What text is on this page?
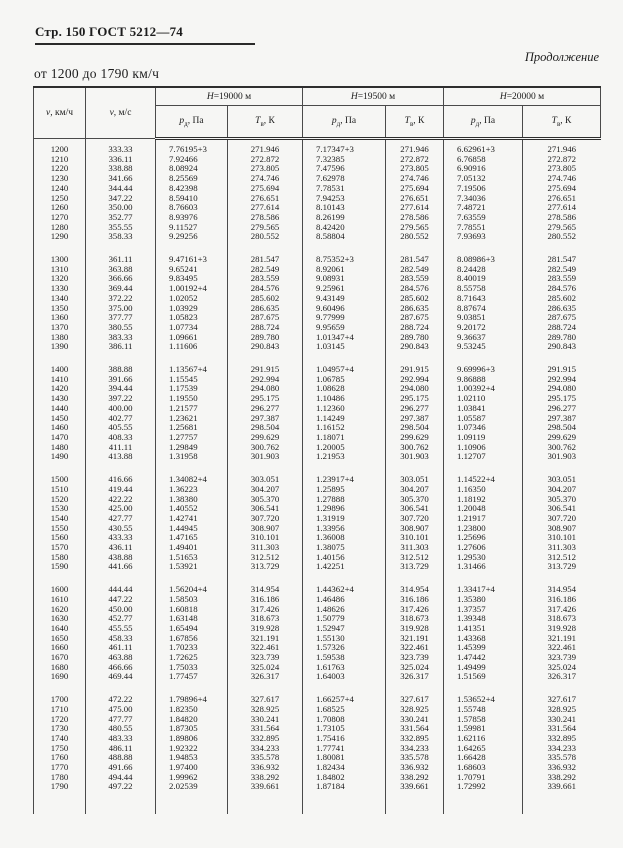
Стр. 150 ГОСТ 5212—74
Продолжение
от 1200 до 1790 км/ч
v, км/ч	v, м/с	Н=19000 м		Н=19500 м		Н=20000 м	
		$p_д$, Па	$Т_в$, К	$p_д$, Па	$Т_в$, К	$p_д$, Па	$Т_в$, К

1200	333.33	7.76195+3	271.946	7.17347+3	271.946	6.62961+3	271.946
1210	336.11	7.92466	272.872	7.32385	272.872	6.76858	272.872
1220	338.88	8.08924	273.805	7.47596	273.805	6.90916	273.805
1230	341.66	8.25569	274.746	7.62978	274.746	7.05132	274.746
1240	344.44	8.42398	275.694	7.78531	275.694	7.19506	275.694
1250	347.22	8.59410	276.651	7.94253	276.651	7.34036	276.651
1260	350.00	8.76603	277.614	8.10143	277.614	7.48721	277.614
1270	352.77	8.93976	278.586	8.26199	278.586	7.63559	278.586
1280	355.55	9.11527	279.565	8.42420	279.565	7.78551	279.565
1290	358.33	9.29256	280.552	8.58804	280.552	7.93693	280.552

1300	361.11	9.47161+3	281.547	8.75352+3	281.547	8.08986+3	281.547
1310	363.88	9.65241	282.549	8.92061	282.549	8.24428	282.549
1320	366.66	9.83495	283.559	9.08931	283.559	8.40019	283.559
1330	369.44	1.00192+4	284.576	9.25961	284.576	8.55758	284.576
1340	372.22	1.02052	285.602	9.43149	285.602	8.71643	285.602
1350	375.00	1.03929	286.635	9.60496	286.635	8.87674	286.635
1360	377.77	1.05823	287.675	9.77999	287.675	9.03851	287.675
1370	380.55	1.07734	288.724	9.95659	288.724	9.20172	288.724
1380	383.33	1.09661	289.780	1.01347+4	289.780	9.36637	289.780
1390	386.11	1.11606	290.843	1.03145	290.843	9.53245	290.843

1400	388.88	1.13567+4	291.915	1.04957+4	291.915	9.69996+3	291.915
1410	391.66	1.15545	292.994	1.06785	292.994	9.86888	292.994
1420	394.44	1.17539	294.080	1.08628	294.080	1.00392+4	294.080
1430	397.22	1.19550	295.175	1.10486	295.175	1.02110	295.175
1440	400.00	1.21577	296.277	1.12360	296.277	1.03841	296.277
1450	402.77	1.23621	297.387	1.14249	297.387	1.05587	297.387
1460	405.55	1.25681	298.504	1.16152	298.504	1.07346	298.504
1470	408.33	1.27757	299.629	1.18071	299.629	1.09119	299.629
1480	411.11	1.29849	300.762	1.20005	300.762	1.10906	300.762
1490	413.88	1.31958	301.903	1.21953	301.903	1.12707	301.903

1500	416.66	1.34082+4	303.051	1.23917+4	303.051	1.14522+4	303.051
1510	419.44	1.36223	304.207	1.25895	304.207	1.16350	304.207
1520	422.22	1.38380	305.370	1.27888	305.370	1.18192	305.370
1530	425.00	1.40552	306.541	1.29896	306.541	1.20048	306.541
1540	427.77	1.42741	307.720	1.31919	307.720	1.21917	307.720
1550	430.55	1.44945	308.907	1.33956	308.907	1.23800	308.907
1560	433.33	1.47165	310.101	1.36008	310.101	1.25696	310.101
1570	436.11	1.49401	311.303	1.38075	311.303	1.27606	311.303
1580	438.88	1.51653	312.512	1.40156	312.512	1.29530	312.512
1590	441.66	1.53921	313.729	1.42251	313.729	1.31466	313.729

1600	444.44	1.56204+4	314.954	1.44362+4	314.954	1.33417+4	314.954
1610	447.22	1.58503	316.186	1.46486	316.186	1.35380	316.186
1620	450.00	1.60818	317.426	1.48626	317.426	1.37357	317.426
1630	452.77	1.63148	318.673	1.50779	318.673	1.39348	318.673
1640	455.55	1.65494	319.928	1.52947	319.928	1.41351	319.928
1650	458.33	1.67856	321.191	1.55130	321.191	1.43368	321.191
1660	461.11	1.70233	322.461	1.57326	322.461	1.45399	322.461
1670	463.88	1.72625	323.739	1.59538	323.739	1.47442	323.739
1680	466.66	1.75033	325.024	1.61763	325.024	1.49499	325.024
1690	469.44	1.77457	326.317	1.64003	326.317	1.51569	326.317

1700	472.22	1.79896+4	327.617	1.66257+4	327.617	1.53652+4	327.617
1710	475.00	1.82350	328.925	1.68525	328.925	1.55748	328.925
1720	477.77	1.84820	330.241	1.70808	330.241	1.57858	330.241
1730	480.55	1.87305	331.564	1.73105	331.564	1.59981	331.564
1740	483.33	1.89806	332.895	1.75416	332.895	1.62116	332.895
1750	486.11	1.92322	334.233	1.77741	334.233	1.64265	334.233
1760	488.88	1.94853	335.578	1.80081	335.578	1.66428	335.578
1770	491.66	1.97400	336.932	1.82434	336.932	1.68603	336.932
1780	494.44	1.99962	338.292	1.84802	338.292	1.70791	338.292
1790	497.22	2.02539	339.661	1.87184	339.661	1.72992	339.661
